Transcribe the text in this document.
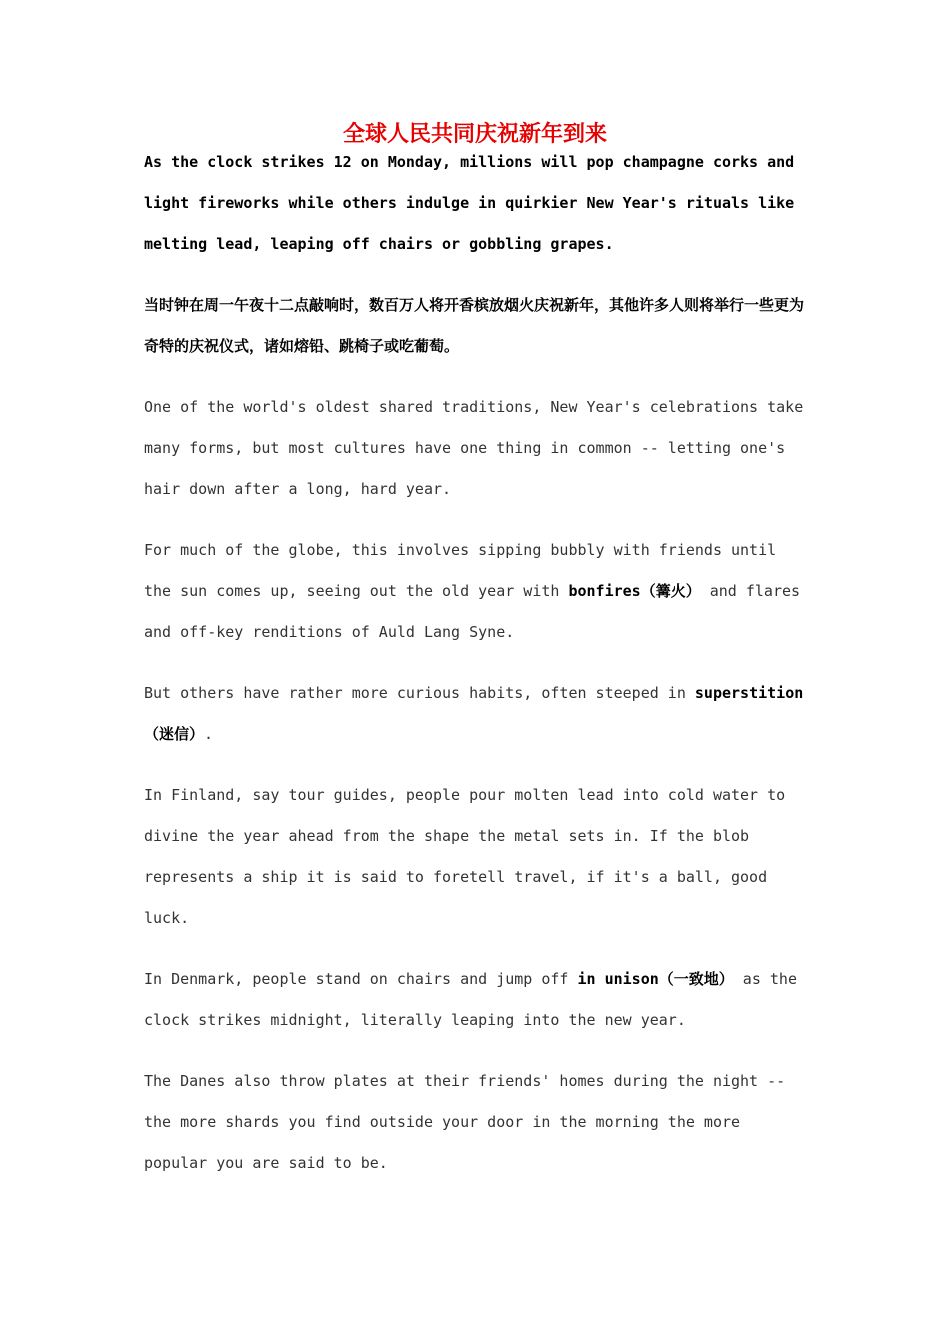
全球人民共同庆祝新年到来

As the clock strikes 12 on Monday, millions will pop champagne corks and light fireworks while others indulge in quirkier New Year's rituals like melting lead, leaping off chairs or gobbling grapes.

当时钟在周一午夜十二点敲响时，数百万人将开香槟放烟火庆祝新年，其他许多人则将举行一些更为奇特的庆祝仪式，诸如熔铅、跳椅子或吃葡萄。

One of the world's oldest shared traditions, New Year's celebrations take many forms, but most cultures have one thing in common -- letting one's hair down after a long, hard year.

For much of the globe, this involves sipping bubbly with friends until the sun comes up, seeing out the old year with bonfires（篝火） and flares and off-key renditions of Auld Lang Syne.

But others have rather more curious habits, often steeped in superstition（迷信）.

In Finland, say tour guides, people pour molten lead into cold water to divine the year ahead from the shape the metal sets in. If the blob represents a ship it is said to foretell travel, if it's a ball, good luck.

In Denmark, people stand on chairs and jump off in unison（一致地） as the clock strikes midnight, literally leaping into the new year.

The Danes also throw plates at their friends' homes during the night -- the more shards you find outside your door in the morning the more popular you are said to be.
